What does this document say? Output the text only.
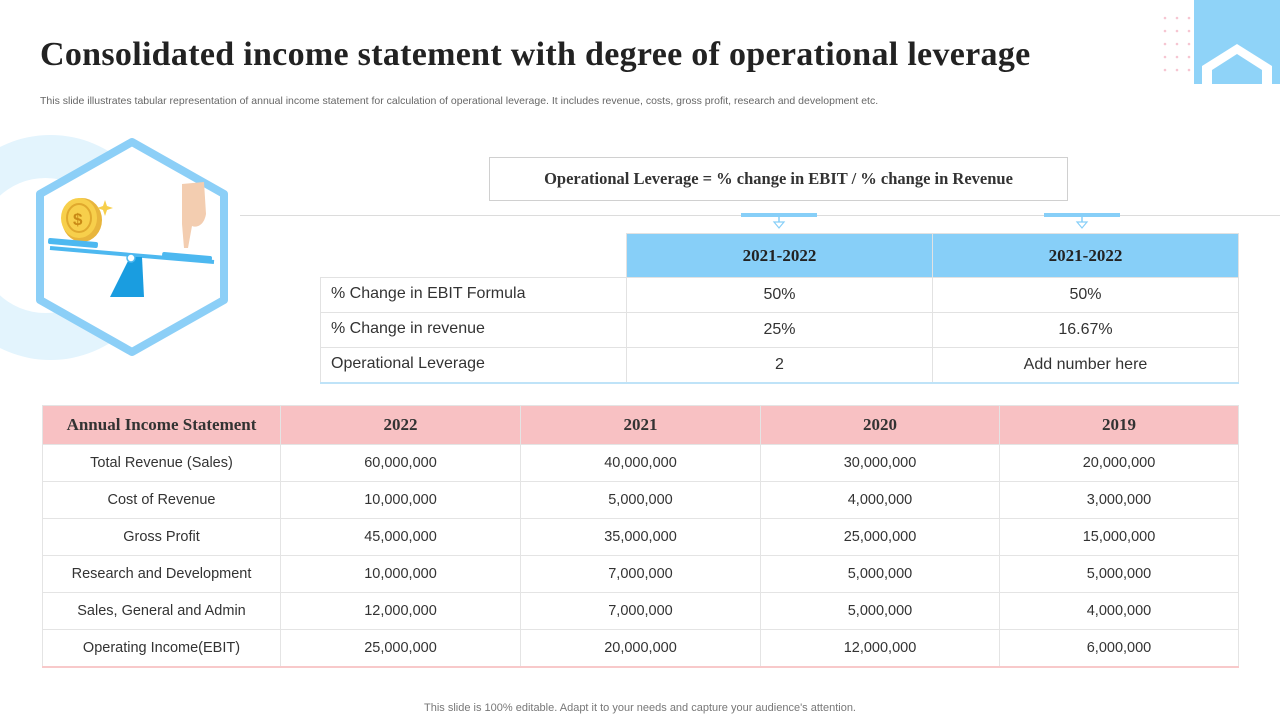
Consolidated income statement with degree of operational leverage

This slide illustrates tabular representation of annual income statement for calculation of operational leverage. It includes revenue, costs, gross profit, research and development etc.

$
Operational Leverage = % change in EBIT / % change in Revenue
	2021-2022	2021-2022
% Change in EBIT Formula	50%	50%
% Change in revenue	25%	16.67%
Operational Leverage	2	Add number here
Annual Income Statement	2022	2021	2020	2019
Total Revenue (Sales)	60,000,000	40,000,000	30,000,000	20,000,000
Cost of Revenue	10,000,000	5,000,000	4,000,000	3,000,000
Gross Profit	45,000,000	35,000,000	25,000,000	15,000,000
Research and Development	10,000,000	7,000,000	5,000,000	5,000,000
Sales, General and Admin	12,000,000	7,000,000	5,000,000	4,000,000
Operating Income(EBIT)	25,000,000	20,000,000	12,000,000	6,000,000
This slide is 100% editable. Adapt it to your needs and capture your audience's attention.
